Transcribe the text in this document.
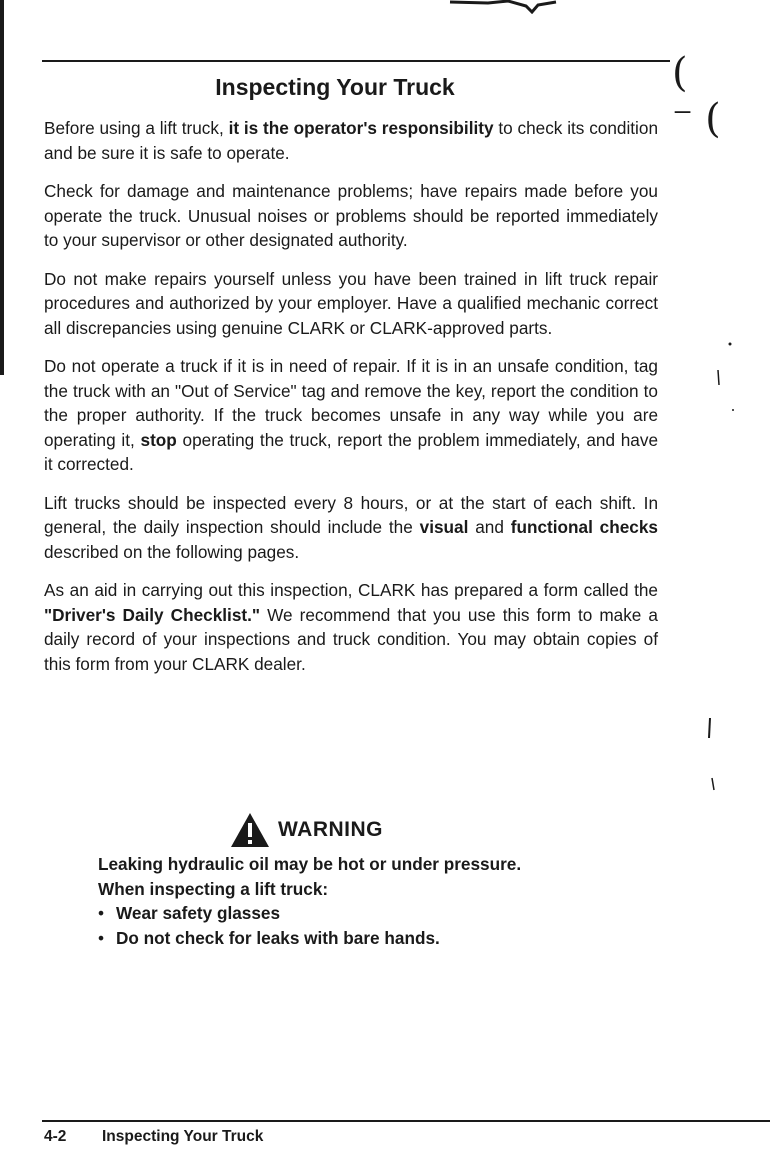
( ⁻(
Inspecting Your Truck

Before using a lift truck, it is the operator's responsibility to check its condition and be sure it is safe to operate.

Check for damage and maintenance problems; have repairs made before you operate the truck. Unusual noises or problems should be reported immediately to your supervisor or other designated authority.

Do not make repairs yourself unless you have been trained in lift truck repair procedures and authorized by your employer. Have a qualified mechanic correct all discrepancies using genuine CLARK or CLARK-approved parts.

Do not operate a truck if it is in need of repair. If it is in an unsafe condition, tag the truck with an "Out of Service" tag and remove the key, report the condition to the proper authority. If the truck becomes unsafe in any way while you are operating it, stop operating the truck, report the problem immediately, and have it corrected.

Lift trucks should be inspected every 8 hours, or at the start of each shift. In general, the daily inspection should include the visual and functional checks described on the following pages.

As an aid in carrying out this inspection, CLARK has prepared a form called the "Driver's Daily Checklist." We recommend that you use this form to make a daily record of your inspections and truck condition. You may obtain copies of this form from your CLARK dealer.

WARNING
Leaking hydraulic oil may be hot or under pressure.
When inspecting a lift truck:
• Wear safety glasses
• Do not check for leaks with bare hands.
4-2 Inspecting Your Truck
